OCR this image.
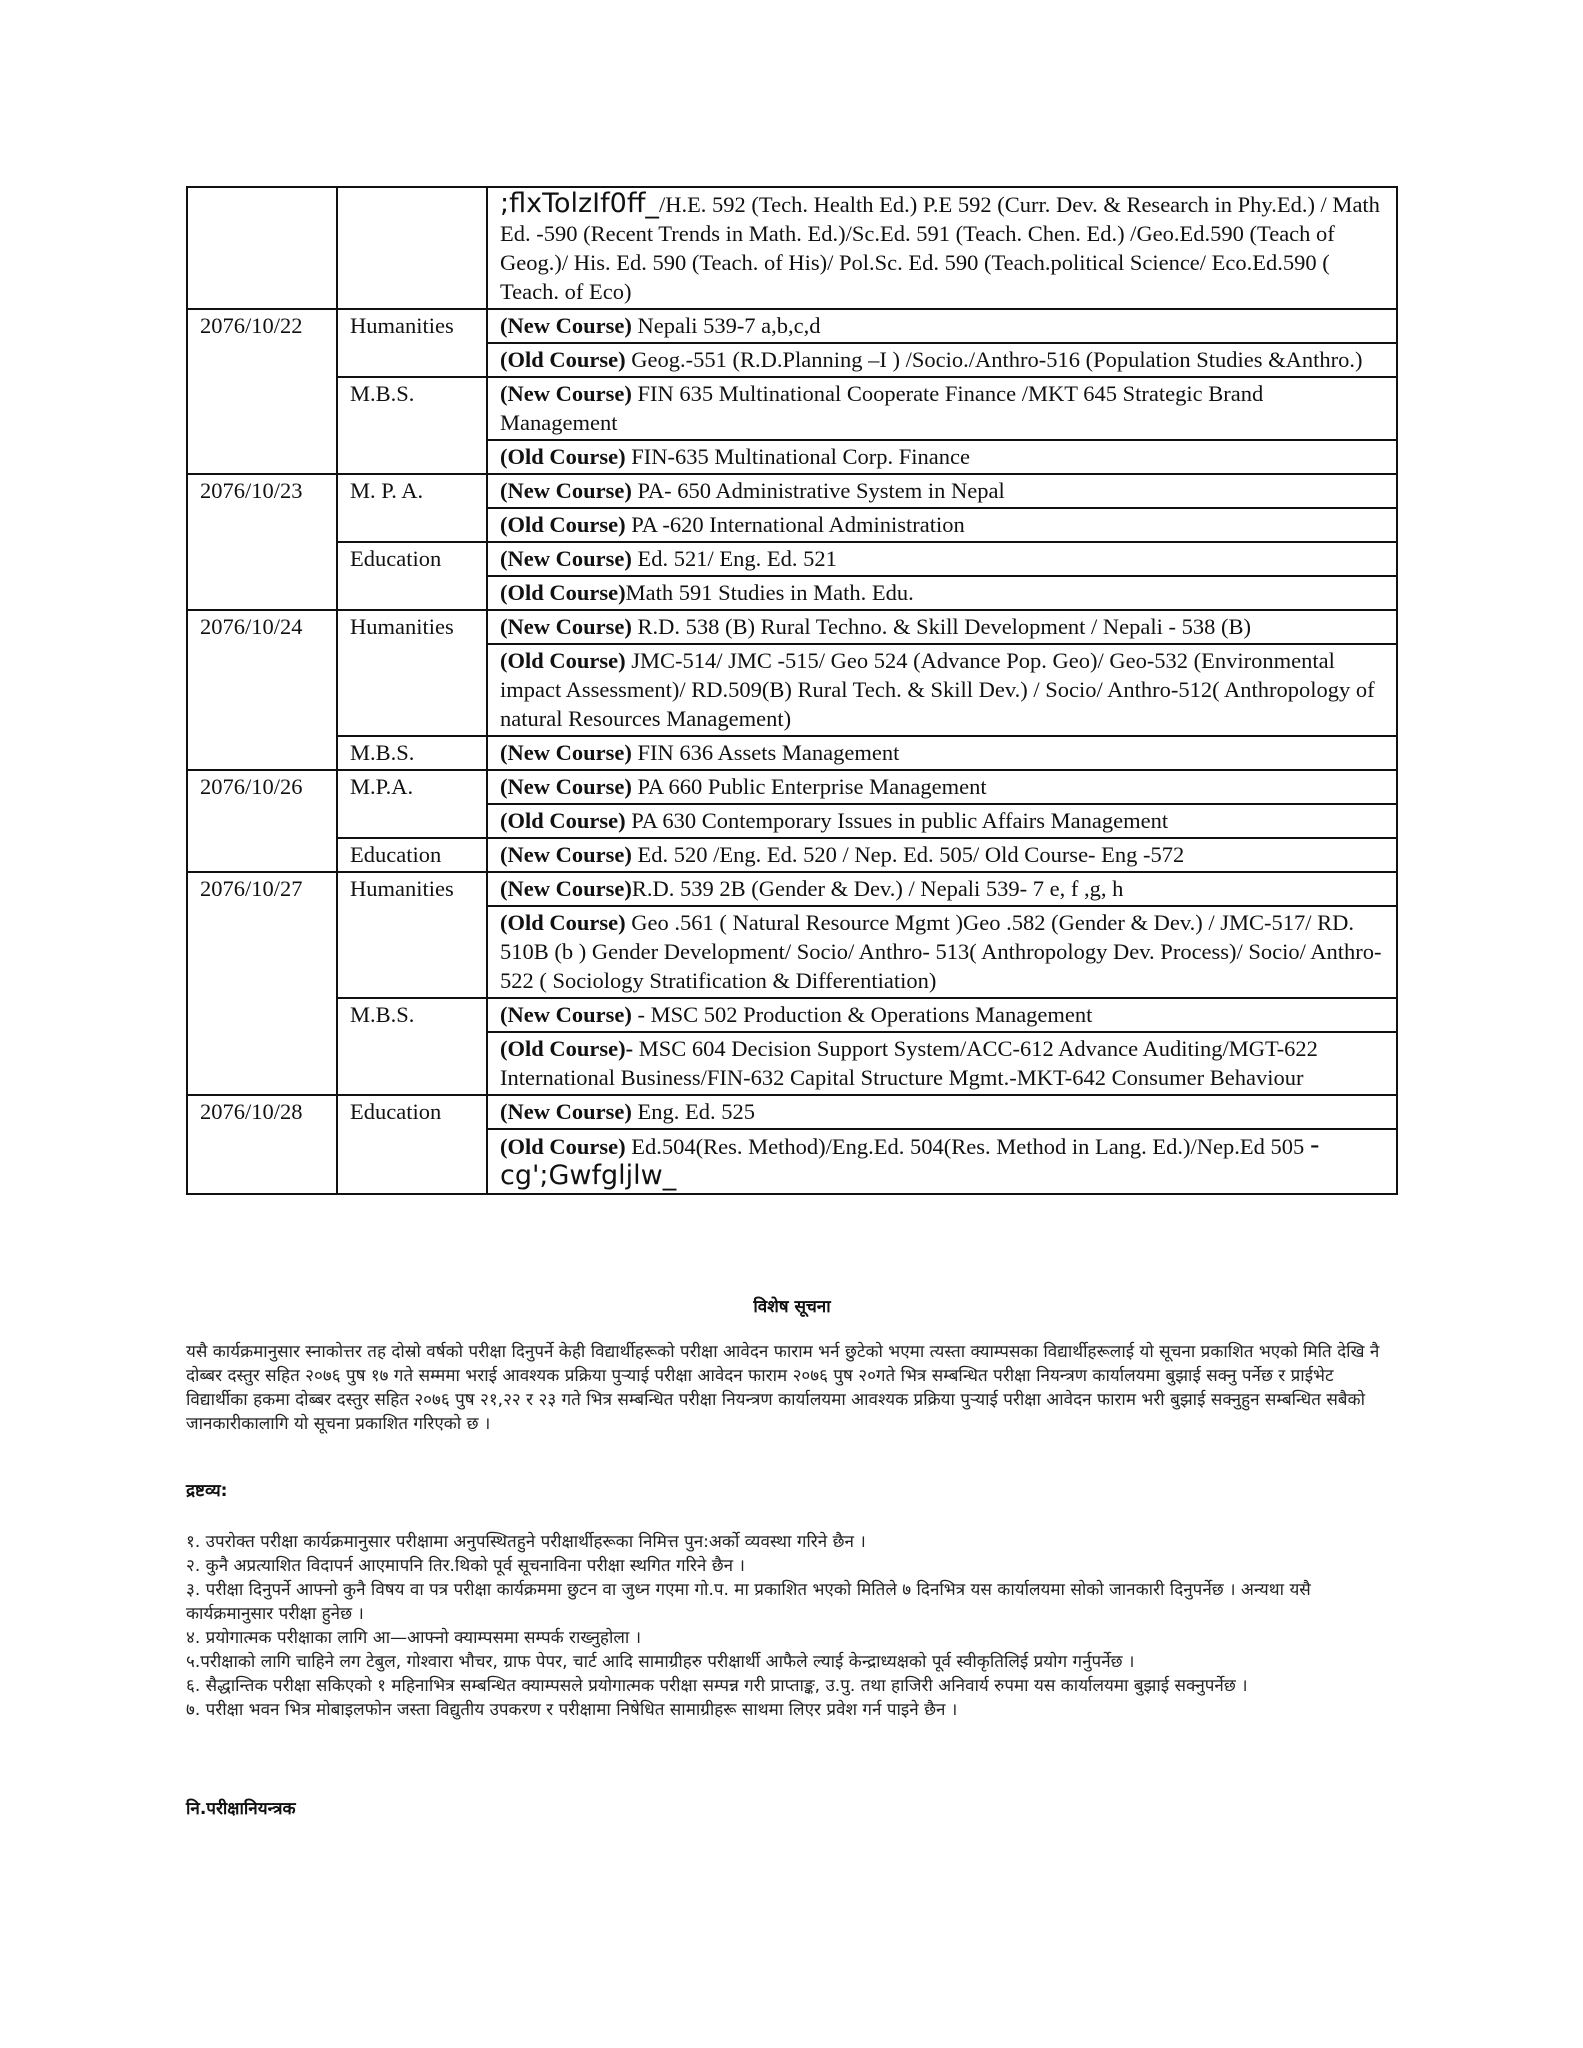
		;flxTolzIf0ff_/H.E. 592 (Tech. Health Ed.) P.E 592 (Curr. Dev. & Research in Phy.Ed.) / Math Ed. -590 (Recent Trends in Math. Ed.)/Sc.Ed. 591 (Teach. Chen. Ed.) /Geo.Ed.590 (Teach of Geog.)/ His. Ed. 590 (Teach. of His)/ Pol.Sc. Ed. 590 (Teach.political Science/ Eco.Ed.590 ( Teach. of Eco)
2076/10/22	Humanities	(New Course) Nepali 539-7 a,b,c,d
		(Old Course) Geog.-551 (R.D.Planning –I ) /Socio./Anthro-516 (Population Studies &Anthro.)
	M.B.S.	(New Course) FIN 635 Multinational Cooperate Finance /MKT 645 Strategic Brand Management
		(Old Course) FIN-635 Multinational Corp. Finance
2076/10/23	M. P. A.	(New Course) PA- 650 Administrative System in Nepal
		(Old Course) PA -620 International Administration
	Education	(New Course) Ed. 521/ Eng. Ed. 521
		(Old Course)Math 591 Studies in Math. Edu.
2076/10/24	Humanities	(New Course) R.D. 538 (B) Rural Techno. & Skill Development / Nepali - 538 (B)
		(Old Course) JMC-514/ JMC -515/ Geo 524 (Advance Pop. Geo)/ Geo-532 (Environmental impact Assessment)/ RD.509(B) Rural Tech. & Skill Dev.) / Socio/ Anthro-512( Anthropology of natural Resources Management)
	M.B.S.	(New Course) FIN 636 Assets Management
2076/10/26	M.P.A.	(New Course) PA 660 Public Enterprise Management
		(Old Course) PA 630 Contemporary Issues in public Affairs Management
	Education	(New Course) Ed. 520 /Eng. Ed. 520 / Nep. Ed. 505/ Old Course- Eng -572
2076/10/27	Humanities	(New Course)R.D. 539 2B (Gender & Dev.) / Nepali 539- 7 e, f ,g, h
		(Old Course) Geo .561 ( Natural Resource Mgmt )Geo .582 (Gender & Dev.) / JMC-517/ RD. 510B (b ) Gender Development/ Socio/ Anthro- 513( Anthropology Dev. Process)/ Socio/ Anthro-522 ( Sociology Stratification & Differentiation)
	M.B.S.	(New Course) - MSC 502 Production & Operations Management
		(Old Course)- MSC 604 Decision Support System/ACC-612 Advance Auditing/MGT-622 International Business/FIN-632 Capital Structure Mgmt.-MKT-642 Consumer Behaviour
2076/10/28	Education	(New Course) Eng. Ed. 525
		(Old Course) Ed.504(Res. Method)/Eng.Ed. 504(Res. Method in Lang. Ed.)/Nep.Ed 505 -cg';Gwfgljlw_
विशेष सूचना
यसै कार्यक्रमानुसार स्नाकोत्तर तह दोस्रो वर्षको परीक्षा दिनुपर्ने केही विद्यार्थीहरूको परीक्षा आवेदन फाराम भर्न छुटेको भएमा त्यस्ता क्याम्पसका विद्यार्थीहरूलाई यो सूचना प्रकाशित भएको मिति देखि नै दोब्बर दस्तुर सहित २०७६ पुष १७ गते सम्ममा भराई आवश्यक प्रक्रिया पुऱ्याई परीक्षा आवेदन फाराम २०७६ पुष २०गते भित्र सम्बन्धित परीक्षा नियन्त्रण कार्यालयमा बुझाई सक्नु पर्नेछ र प्राईभेट विद्यार्थीका हकमा दोब्बर दस्तुर सहित २०७६ पुष २१,२२ र २३ गते भित्र सम्बन्धित परीक्षा नियन्त्रण कार्यालयमा आवश्यक प्रक्रिया पुऱ्याई परीक्षा आवेदन फाराम भरी बुझाई सक्नुहुन सम्बन्धित सबैको जानकारीकालागि यो सूचना प्रकाशित गरिएको छ ।
द्रष्टव्य:
१. उपरोक्त परीक्षा कार्यक्रमानुसार परीक्षामा अनुपस्थितहुने परीक्षार्थीहरूका निमित्त पुन:अर्को व्यवस्था गरिने छैन ।
२. कुनै अप्रत्याशित विदापर्न आएमापनि तिर.थिको पूर्व सूचनाविना परीक्षा स्थगित गरिने छैन ।
३. परीक्षा दिनुपर्ने आफ्नो कुनै विषय वा पत्र परीक्षा कार्यक्रममा छुटन वा जुध्न गएमा गो.प. मा प्रकाशित भएको मितिले ७ दिनभित्र यस कार्यालयमा सोको जानकारी दिनुपर्नेछ । अन्यथा यसै कार्यक्रमानुसार परीक्षा हुनेछ ।
४. प्रयोगात्मक परीक्षाका लागि आ—आफ्नो क्याम्पसमा सम्पर्क राख्नुहोला ।
५.परीक्षाको लागि चाहिने लग टेबुल, गोश्वारा भौचर, ग्राफ पेपर, चार्ट आदि सामाग्रीहरु परीक्षार्थी आफैले ल्याई केन्द्राध्यक्षको पूर्व स्वीकृतिलिई प्रयोग गर्नुपर्नेछ ।
६. सैद्धान्तिक परीक्षा सकिएको १ महिनाभित्र सम्बन्धित क्याम्पसले प्रयोगात्मक परीक्षा सम्पन्न गरी प्राप्ताङ्क, उ.पु. तथा हाजिरी अनिवार्य रुपमा यस कार्यालयमा बुझाई सक्नुपर्नेछ ।
७. परीक्षा भवन भित्र मोबाइलफोन जस्ता विद्युतीय उपकरण र परीक्षामा निषेधित सामाग्रीहरू साथमा लिएर प्रवेश गर्न पाइने छैन ।
नि.परीक्षानियन्त्रक
